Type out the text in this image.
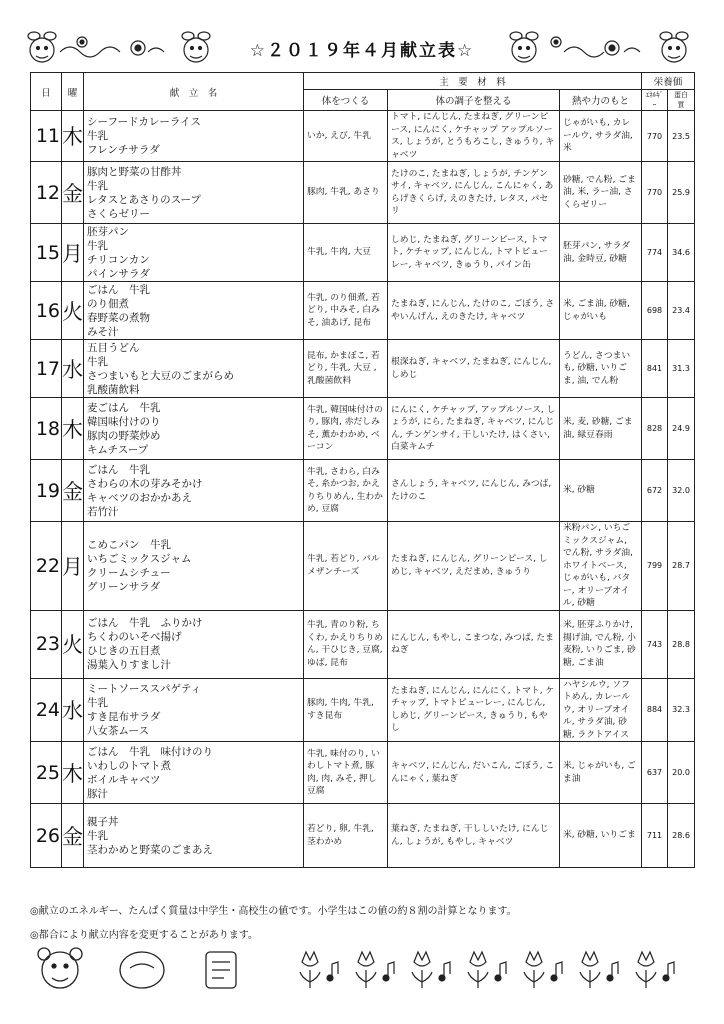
☆２０１９年４月献立表☆
日	曜	献　立　名	主　要　材　料			栄養価	
			体をつくる	体の調子を整える	熱や力のもと	ｴﾈﾙｷﾞｰ	蛋白質
11	木	シーフードカレーライス
牛乳
フレンチサラダ	いか, えび, 牛乳	トマト, にんじん, たまねぎ, グリーンピース, にんにく, ケチャップ アップルソース, しょうが, とうもろこし, きゅうり, キャベツ	じゃがいも, カレールウ, サラダ油, 米	770	23.5
12	金	豚肉と野菜の甘酢丼
牛乳
レタスとあさりのスープ
さくらゼリー	豚肉, 牛乳, あさり	たけのこ, たまねぎ, しょうが, チンゲンサイ, キャベツ, にんじん, こんにゃく, あらげきくらげ, えのきたけ, レタス, パセリ	砂糖, でん粉, ごま油, 米, ラー油, さくらゼリー	770	25.9
15	月	胚芽パン
牛乳
チリコンカン
パインサラダ	牛乳, 牛肉, 大豆	しめじ, たまねぎ, グリーンピース, トマト, ケチャップ, にんじん, トマトピューレー, キャベツ, きゅうり, パイン缶	胚芽パン, サラダ油, 金時豆, 砂糖	774	34.6
16	火	ごはん　牛乳
のり佃煮
春野菜の煮物
みそ汁	牛乳, のり佃煮, 若どり, 中みそ, 白みそ, 油あげ, 昆布	たまねぎ, にんじん, たけのこ, ごぼう, さやいんげん, えのきたけ, キャベツ	米, ごま油, 砂糖, じゃがいも	698	23.4
17	水	五目うどん
牛乳
さつまいもと大豆のごまがらめ
乳酸菌飲料	昆布, かまぼこ, 若どり, 牛乳, 大豆 , 乳酸菌飲料	根深ねぎ, キャベツ, たまねぎ, にんじん, しめじ	うどん, さつまいも, 砂糖, いりごま, 油, でん粉	841	31.3
18	木	麦ごはん　牛乳
韓国味付けのり
豚肉の野菜炒め
キムチスープ	牛乳, 韓国味付けのり, 豚肉, 赤だしみそ, 薫かわかめ, ベーコン	にんにく, ケチャップ, アップルソース, しょうが, にら, たまねぎ, キャベツ, にんじん, チンゲンサイ, 干しいたけ, はくさい, 白菜キムチ	米, 麦, 砂糖, ごま油, 緑豆春雨	828	24.9
19	金	ごはん　牛乳
さわらの木の芽みそかけ
キャベツのおかかあえ
若竹汁	牛乳, さわら, 白みそ, 糸かつお, かえりちりめん, 生わかめ, 豆腐	さんしょう, キャベツ, にんじん, みつば, たけのこ	米, 砂糖	672	32.0
22	月	こめこパン　牛乳
いちごミックスジャム
クリームシチュー
グリーンサラダ	牛乳, 若どり, パルメザンチーズ	たまねぎ, にんじん, グリーンピース, しめじ, キャベツ, えだまめ, きゅうり	米粉パン, いちごミックスジャム, でん粉, サラダ油, ホワイトベース, じゃがいも, バター, オリーブオイル, 砂糖	799	28.7
23	火	ごはん　牛乳　ふりかけ
ちくわのいそべ揚げ
ひじきの五目煮
湯葉入りすまし汁	牛乳, 青のり粉, ちくわ, かえりちりめん, 干ひじき, 豆腐, ゆば, 昆布	にんじん, もやし, こまつな, みつば, たまねぎ	米, 胚芽ふりかけ, 揚げ油, でん粉, 小麦粉, いりごま, 砂糖, ごま油	743	28.8
24	水	ミートソーススパゲティ
牛乳
すき昆布サラダ
八女茶ムース	豚肉, 牛肉, 牛乳, すき昆布	たまねぎ, にんじん, にんにく, トマト, ケチャップ, トマトピューレー, にんじん, しめじ, グリーンピース, きゅうり, もやし	ハヤシルウ, ソフトめん, カレールウ, オリーブオイル, サラダ油, 砂糖, ラクトアイス	884	32.3
25	木	ごはん　牛乳　味付けのり
いわしのトマト煮
ボイルキャベツ
豚汁	牛乳, 味付のり, いわしトマト煮, 豚肉, 肉, みそ, 押し豆腐	キャベツ, にんじん, だいこん, ごぼう, こんにゃく, 葉ねぎ	米, じゃがいも, ごま油	637	20.0
26	金	親子丼
牛乳
茎わかめと野菜のごまあえ	若どり, 卵, 牛乳, 茎わかめ	葉ねぎ, たまねぎ, 干ししいたけ, にんじん, しょうが, もやし, キャベツ	米, 砂糖, いりごま	711	28.6
◎献立のエネルギー、たんぱく質量は中学生・高校生の値です。小学生はこの値の約８割の計算となります。
◎都合により献立内容を変更することがあります。
